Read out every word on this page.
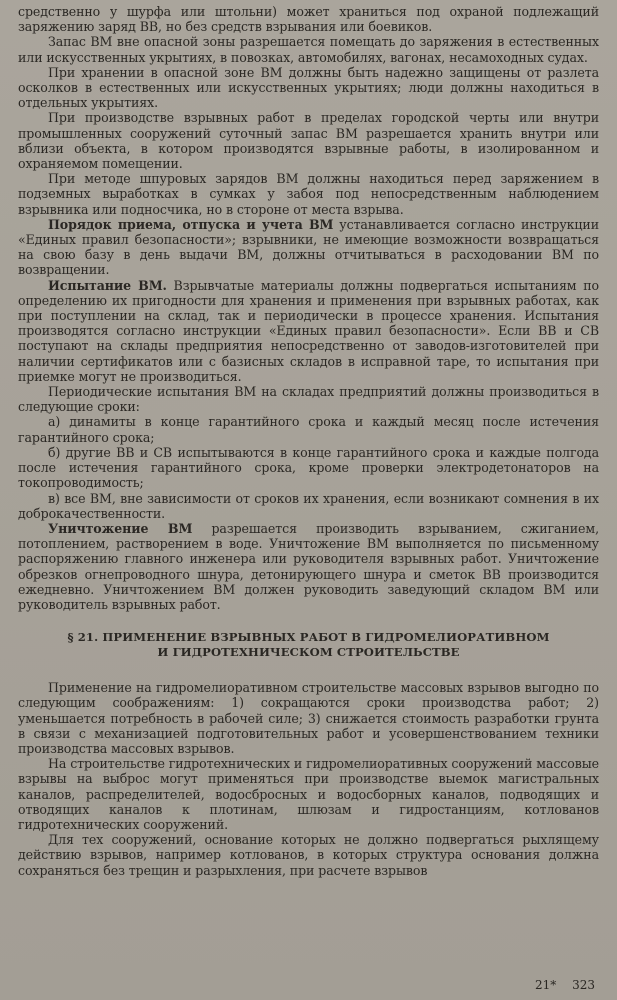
средственно у шурфа или штольни) может храниться под охраной подлежащий заряжению заряд ВВ, но без средств взрывания или боевиков.

Запас ВМ вне опасной зоны разрешается помещать до заряжения в естественных или искусственных укрытиях, в повозках, автомобилях, вагонах, несамоходных судах.

При хранении в опасной зоне ВМ должны быть надежно защищены от разлета осколков в естественных или искусственных укрытиях; люди должны находиться в отдельных укрытиях.

При производстве взрывных работ в пределах городской черты или внутри промышленных сооружений суточный запас ВМ разрешается хранить внутри или вблизи объекта, в котором производятся взрывные работы, в изолированном и охраняемом помещении.

При методе шпуровых зарядов ВМ должны находиться перед заряжением в подземных выработках в сумках у забоя под непосредственным наблюдением взрывника или подносчика, но в стороне от места взрыва.

Порядок приема, отпуска и учета ВМ устанавливается согласно инструкции «Единых правил безопасности»; взрывники, не имеющие возможности возвращаться на свою базу в день выдачи ВМ, должны отчитываться в расходовании ВМ по возвращении.

Испытание ВМ. Взрывчатые материалы должны подвергаться испытаниям по определению их пригодности для хранения и применения при взрывных работах, как при поступлении на склад, так и периодически в процессе хранения. Испытания производятся согласно инструкции «Единых правил безопасности». Если ВВ и СВ поступают на склады предприятия непосредственно от заводов-изготовителей при наличии сертификатов или с базисных складов в исправной таре, то испытания при приемке могут не производиться.

Периодические испытания ВМ на складах предприятий должны производиться в следующие сроки:

а) динамиты в конце гарантийного срока и каждый месяц после истечения гарантийного срока;

б) другие ВВ и СВ испытываются в конце гарантийного срока и каждые полгода после истечения гарантийного срока, кроме проверки электродетонаторов на токопроводимость;

в) все ВМ, вне зависимости от сроков их хранения, если возникают сомнения в их доброкачественности.

Уничтожение ВМ разрешается производить взрыванием, сжиганием, потоплением, растворением в воде. Уничтожение ВМ выполняется по письменному распоряжению главного инженера или руководителя взрывных работ. Уничтожение обрезков огнепроводного шнура, детонирующего шнура и сметок ВВ производится ежедневно. Уничтожением ВМ должен руководить заведующий складом ВМ или руководитель взрывных работ.

§ 21. ПРИМЕНЕНИЕ ВЗРЫВНЫХ РАБОТ В ГИДРОМЕЛИОРАТИВНОМ
И ГИДРОТЕХНИЧЕСКОМ СТРОИТЕЛЬСТВЕ

Применение на гидромелиоративном строительстве массовых взрывов выгодно по следующим соображениям: 1) сокращаются сроки производства работ; 2) уменьшается потребность в рабочей силе; 3) снижается стоимость разработки грунта в связи с механизацией подготовительных работ и усовершенствованием техники производства массовых взрывов.

На строительстве гидротехнических и гидромелиоративных сооружений массовые взрывы на выброс могут применяться при производстве выемок магистральных каналов, распределителей, водосбросных и водосборных каналов, подводящих и отводящих каналов к плотинам, шлюзам и гидростанциям, котлованов гидротехнических сооружений.

Для тех сооружений, основание которых не должно подвергаться рыхлящему действию взрывов, например котлованов, в которых структура основания должна сохраняться без трещин и разрыхления, при расчете взрывов

21* 323
